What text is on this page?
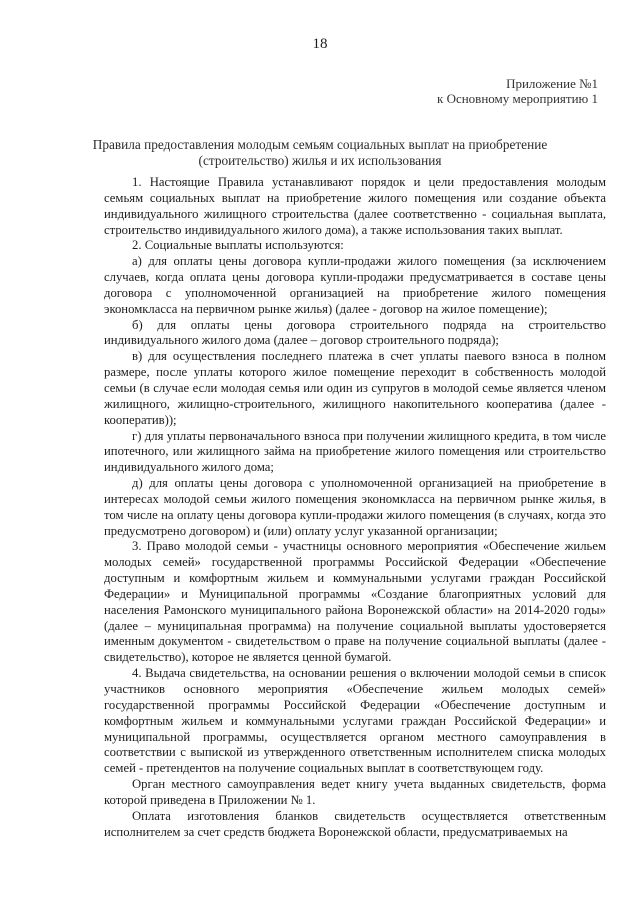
18
Приложение №1
к Основному мероприятию 1
Правила предоставления молодым семьям социальных выплат на приобретение
(строительство) жилья и их использования

1. Настоящие Правила устанавливают порядок и цели предоставления молодым семьям социальных выплат на приобретение жилого помещения или создание объекта индивидуального жилищного строительства (далее соответственно - социальная выплата, строительство индивидуального жилого дома), а также использования таких выплат.

2. Социальные выплаты используются:

а) для оплаты цены договора купли-продажи жилого помещения (за исключением случаев, когда оплата цены договора купли-продажи предусматривается в составе цены договора с уполномоченной организацией на приобретение жилого помещения экономкласса на первичном рынке жилья) (далее - договор на жилое помещение);

б) для оплаты цены договора строительного подряда на строительство индивидуального жилого дома (далее – договор строительного подряда);

в) для осуществления последнего платежа в счет уплаты паевого взноса в полном размере, после уплаты которого жилое помещение переходит в собственность молодой семьи (в случае если молодая семья или один из супругов в молодой семье является членом жилищного, жилищно-строительного, жилищного накопительного кооператива (далее - кооператив));

г) для уплаты первоначального взноса при получении жилищного кредита, в том числе ипотечного, или жилищного займа на приобретение жилого помещения или строительство индивидуального жилого дома;

д) для оплаты цены договора с уполномоченной организацией на приобретение в интересах молодой семьи жилого помещения экономкласса на первичном рынке жилья, в том числе на оплату цены договора купли-продажи жилого помещения (в случаях, когда это предусмотрено договором) и (или) оплату услуг указанной организации;

3. Право молодой семьи - участницы основного мероприятия «Обеспечение жильем молодых семей» государственной программы Российской Федерации «Обеспечение доступным и комфортным жильем и коммунальными услугами граждан Российской Федерации» и Муниципальной программы «Создание благоприятных условий для населения Рамонского муниципального района Воронежской области» на 2014-2020 годы» (далее – муниципальная программа) на получение социальной выплаты удостоверяется именным документом - свидетельством о праве на получение социальной выплаты (далее - свидетельство), которое не является ценной бумагой.

4. Выдача свидетельства, на основании решения о включении молодой семьи в список участников основного мероприятия «Обеспечение жильем молодых семей» государственной программы Российской Федерации «Обеспечение доступным и комфортным жильем и коммунальными услугами граждан Российской Федерации» и муниципальной программы, осуществляется органом местного самоуправления в соответствии с выпиской из утвержденного ответственным исполнителем списка молодых семей - претендентов на получение социальных выплат в соответствующем году.

Орган местного самоуправления ведет книгу учета выданных свидетельств, форма которой приведена в Приложении № 1.

Оплата изготовления бланков свидетельств осуществляется ответственным исполнителем за счет средств бюджета Воронежской области, предусматриваемых на
